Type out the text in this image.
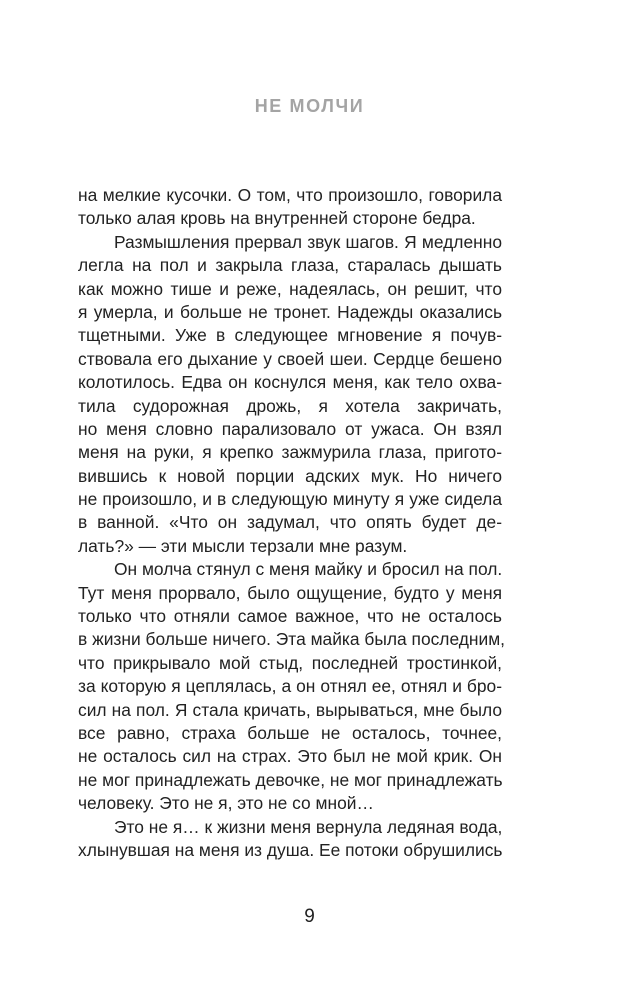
НЕ МОЛЧИ
на мелкие кусочки. О том, что произошло, говорила
только алая кровь на внутренней стороне бедра.
Размышления прервал звук шагов. Я медленно
легла на пол и закрыла глаза, старалась дышать
как можно тише и реже, надеялась, он решит, что
я умерла, и больше не тронет. Надежды оказались
тщетными. Уже в следующее мгновение я почув-
ствовала его дыхание у своей шеи. Сердце бешено
колотилось. Едва он коснулся меня, как тело охва-
тила судорожная дрожь, я хотела закричать,
но меня словно парализовало от ужаса. Он взял
меня на руки, я крепко зажмурила глаза, пригото-
вившись к новой порции адских мук. Но ничего
не произошло, и в следующую минуту я уже сидела
в ванной. «Что он задумал, что опять будет де-
лать?» — эти мысли терзали мне разум.
Он молча стянул с меня майку и бросил на пол.
Тут меня прорвало, было ощущение, будто у меня
только что отняли самое важное, что не осталось
в жизни больше ничего. Эта майка была последним,
что прикрывало мой стыд, последней тростинкой,
за которую я цеплялась, а он отнял ее, отнял и бро-
сил на пол. Я стала кричать, вырываться, мне было
все равно, страха больше не осталось, точнее,
не осталось сил на страх. Это был не мой крик. Он
не мог принадлежать девочке, не мог принадлежать
человеку. Это не я, это не со мной…
Это не я… к жизни меня вернула ледяная вода,
хлынувшая на меня из душа. Ее потоки обрушились
9
